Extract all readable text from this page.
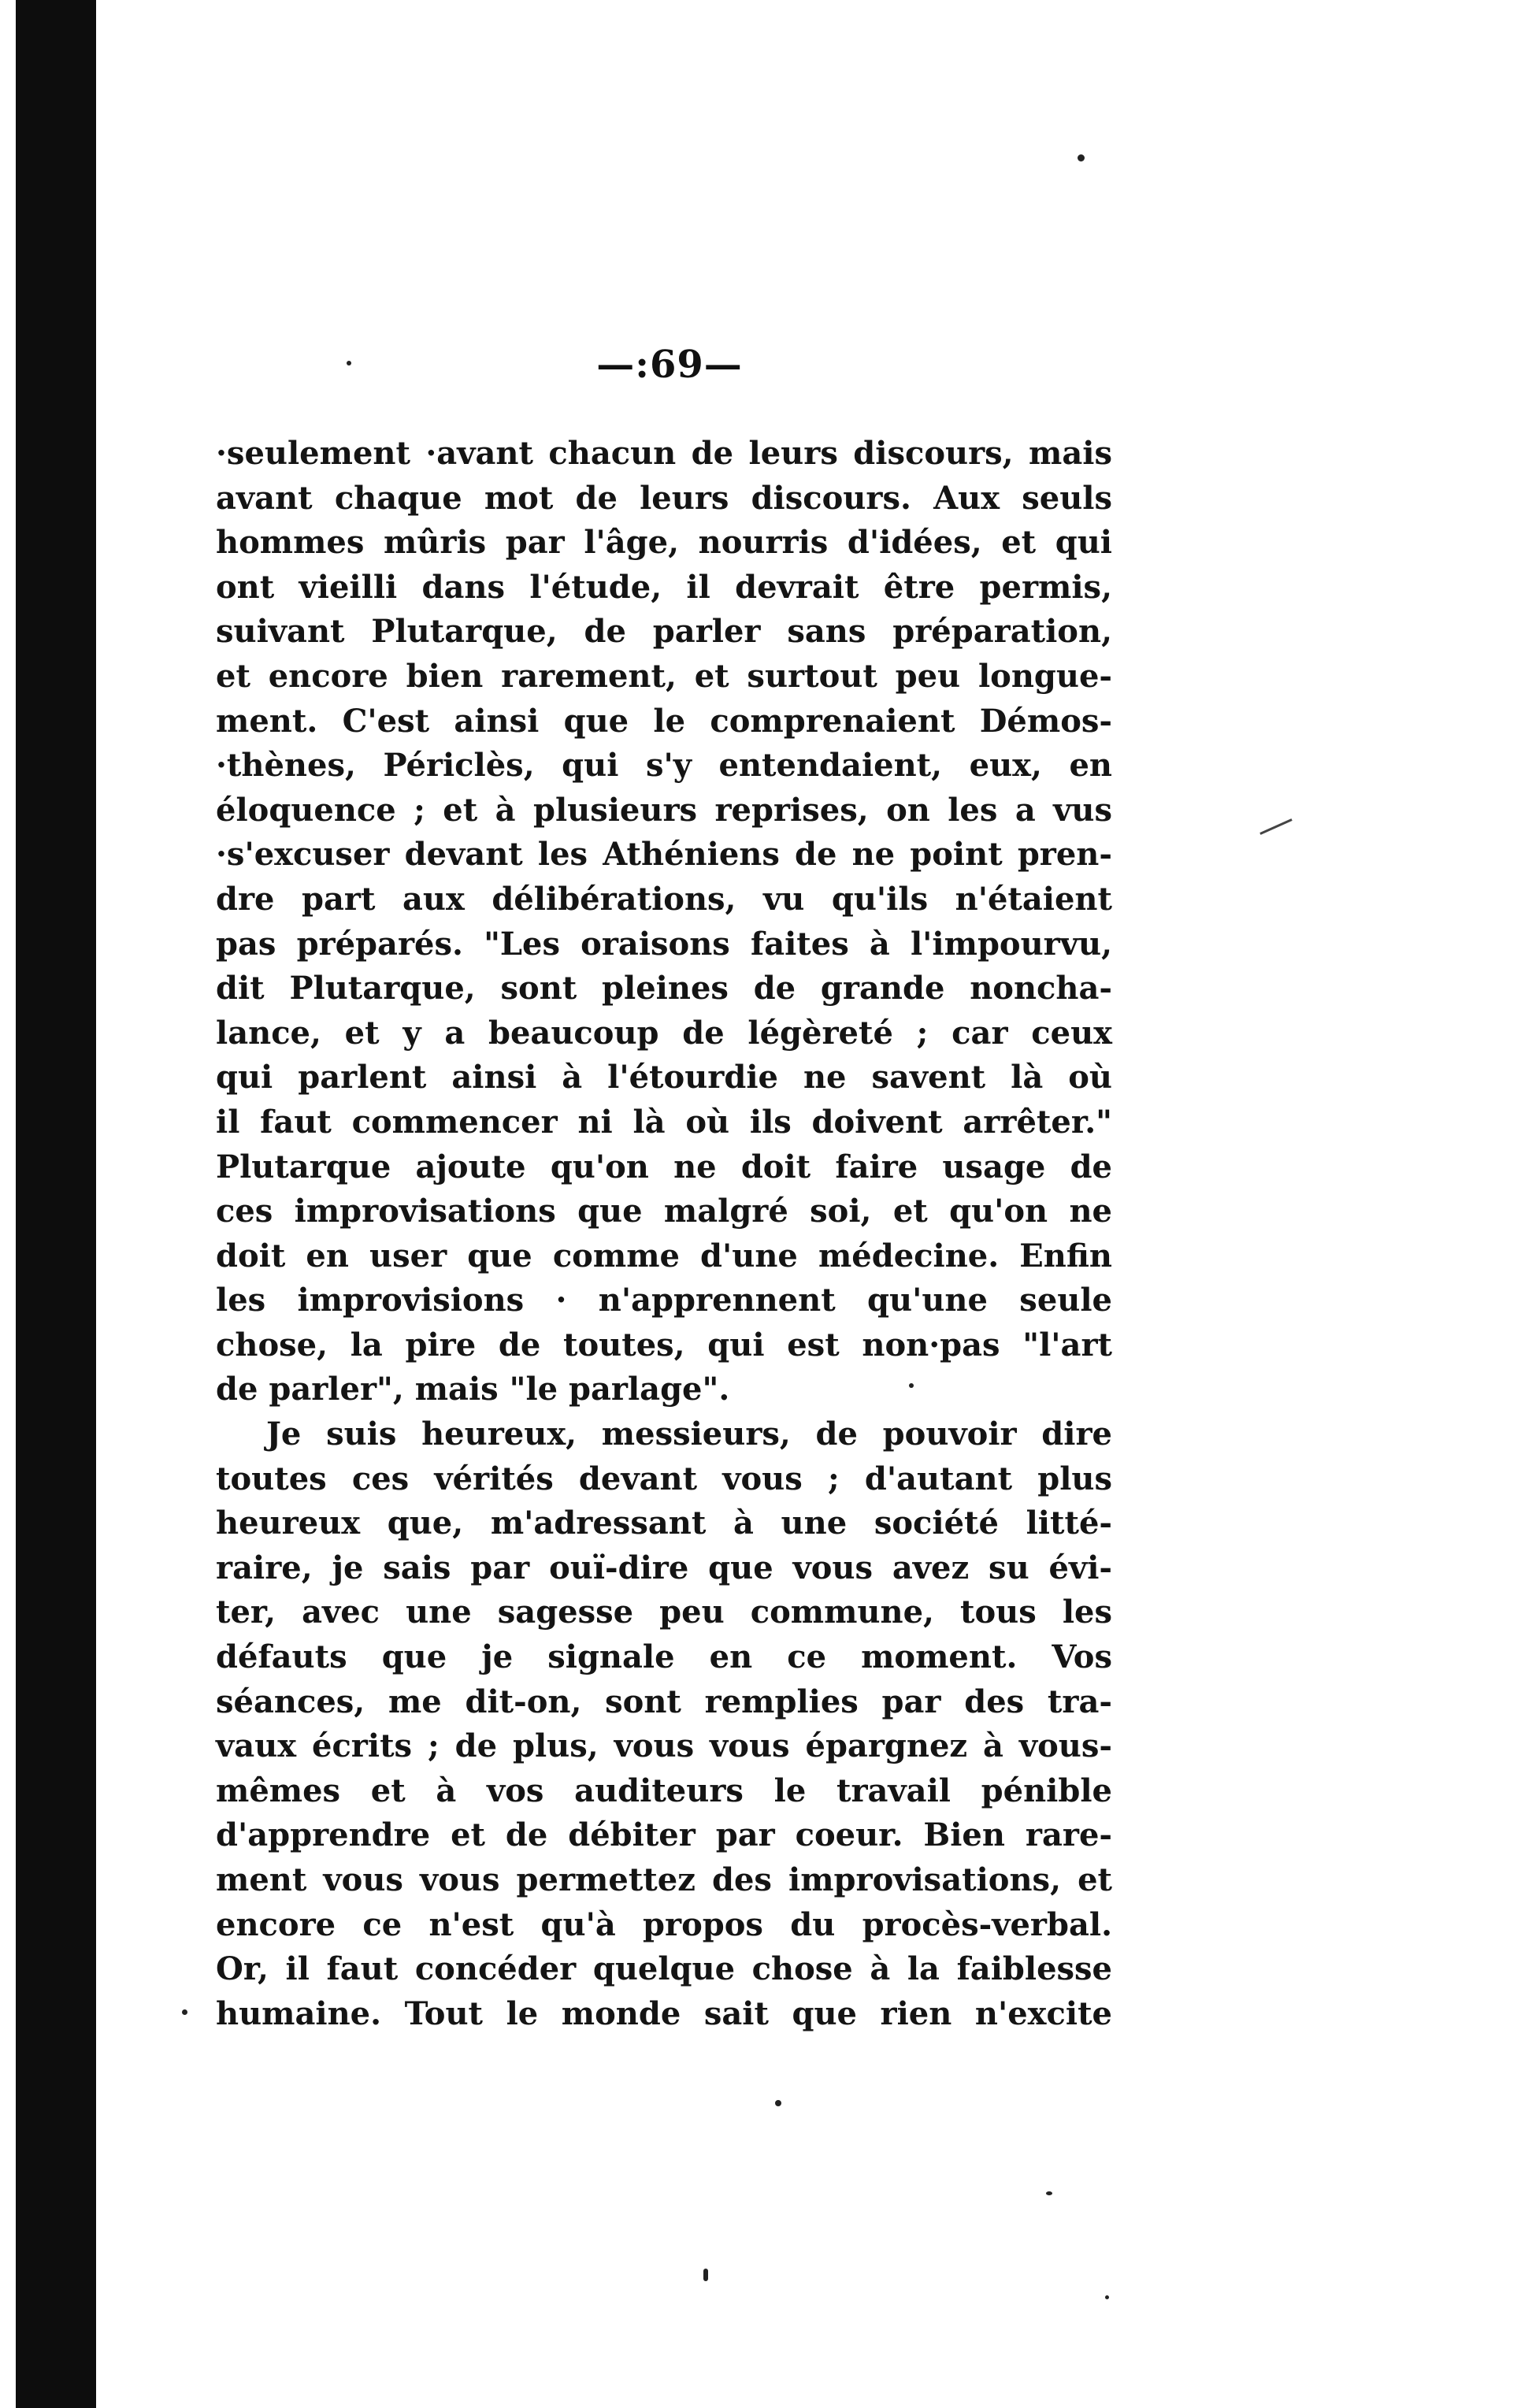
—:69—
·seulement ·avant chacun de leurs discours, mais
avant chaque mot de leurs discours. Aux seuls
hommes mûris par l'âge, nourris d'idées, et qui
ont vieilli dans l'étude, il devrait être permis,
suivant Plutarque, de parler sans préparation,
et encore bien rarement, et surtout peu longue-
ment. C'est ainsi que le comprenaient Démos-
·thènes, Périclès, qui s'y entendaient, eux, en
éloquence ; et à plusieurs reprises, on les a vus
·s'excuser devant les Athéniens de ne point pren-
dre part aux délibérations, vu qu'ils n'étaient
pas préparés. "Les oraisons faites à l'impourvu,
dit Plutarque, sont pleines de grande noncha-
lance, et y a beaucoup de légèreté ; car ceux
qui parlent ainsi à l'étourdie ne savent là où
il faut commencer ni là où ils doivent arrêter."
Plutarque ajoute qu'on ne doit faire usage de
ces improvisations que malgré soi, et qu'on ne
doit en user que comme d'une médecine. Enfin
les improvisions · n'apprennent qu'une seule
chose, la pire de toutes, qui est non·pas "l'art
de parler", mais "le parlage".
Je suis heureux, messieurs, de pouvoir dire
toutes ces vérités devant vous ; d'autant plus
heureux que, m'adressant à une société litté-
raire, je sais par ouï-dire que vous avez su évi-
ter, avec une sagesse peu commune, tous les
défauts que je signale en ce moment. Vos
séances, me dit-on, sont remplies par des tra-
vaux écrits ; de plus, vous vous épargnez à vous-
mêmes et à vos auditeurs le travail pénible
d'apprendre et de débiter par coeur. Bien rare-
ment vous vous permettez des improvisations, et
encore ce n'est qu'à propos du procès-verbal.
Or, il faut concéder quelque chose à la faiblesse
humaine. Tout le monde sait que rien n'excite
